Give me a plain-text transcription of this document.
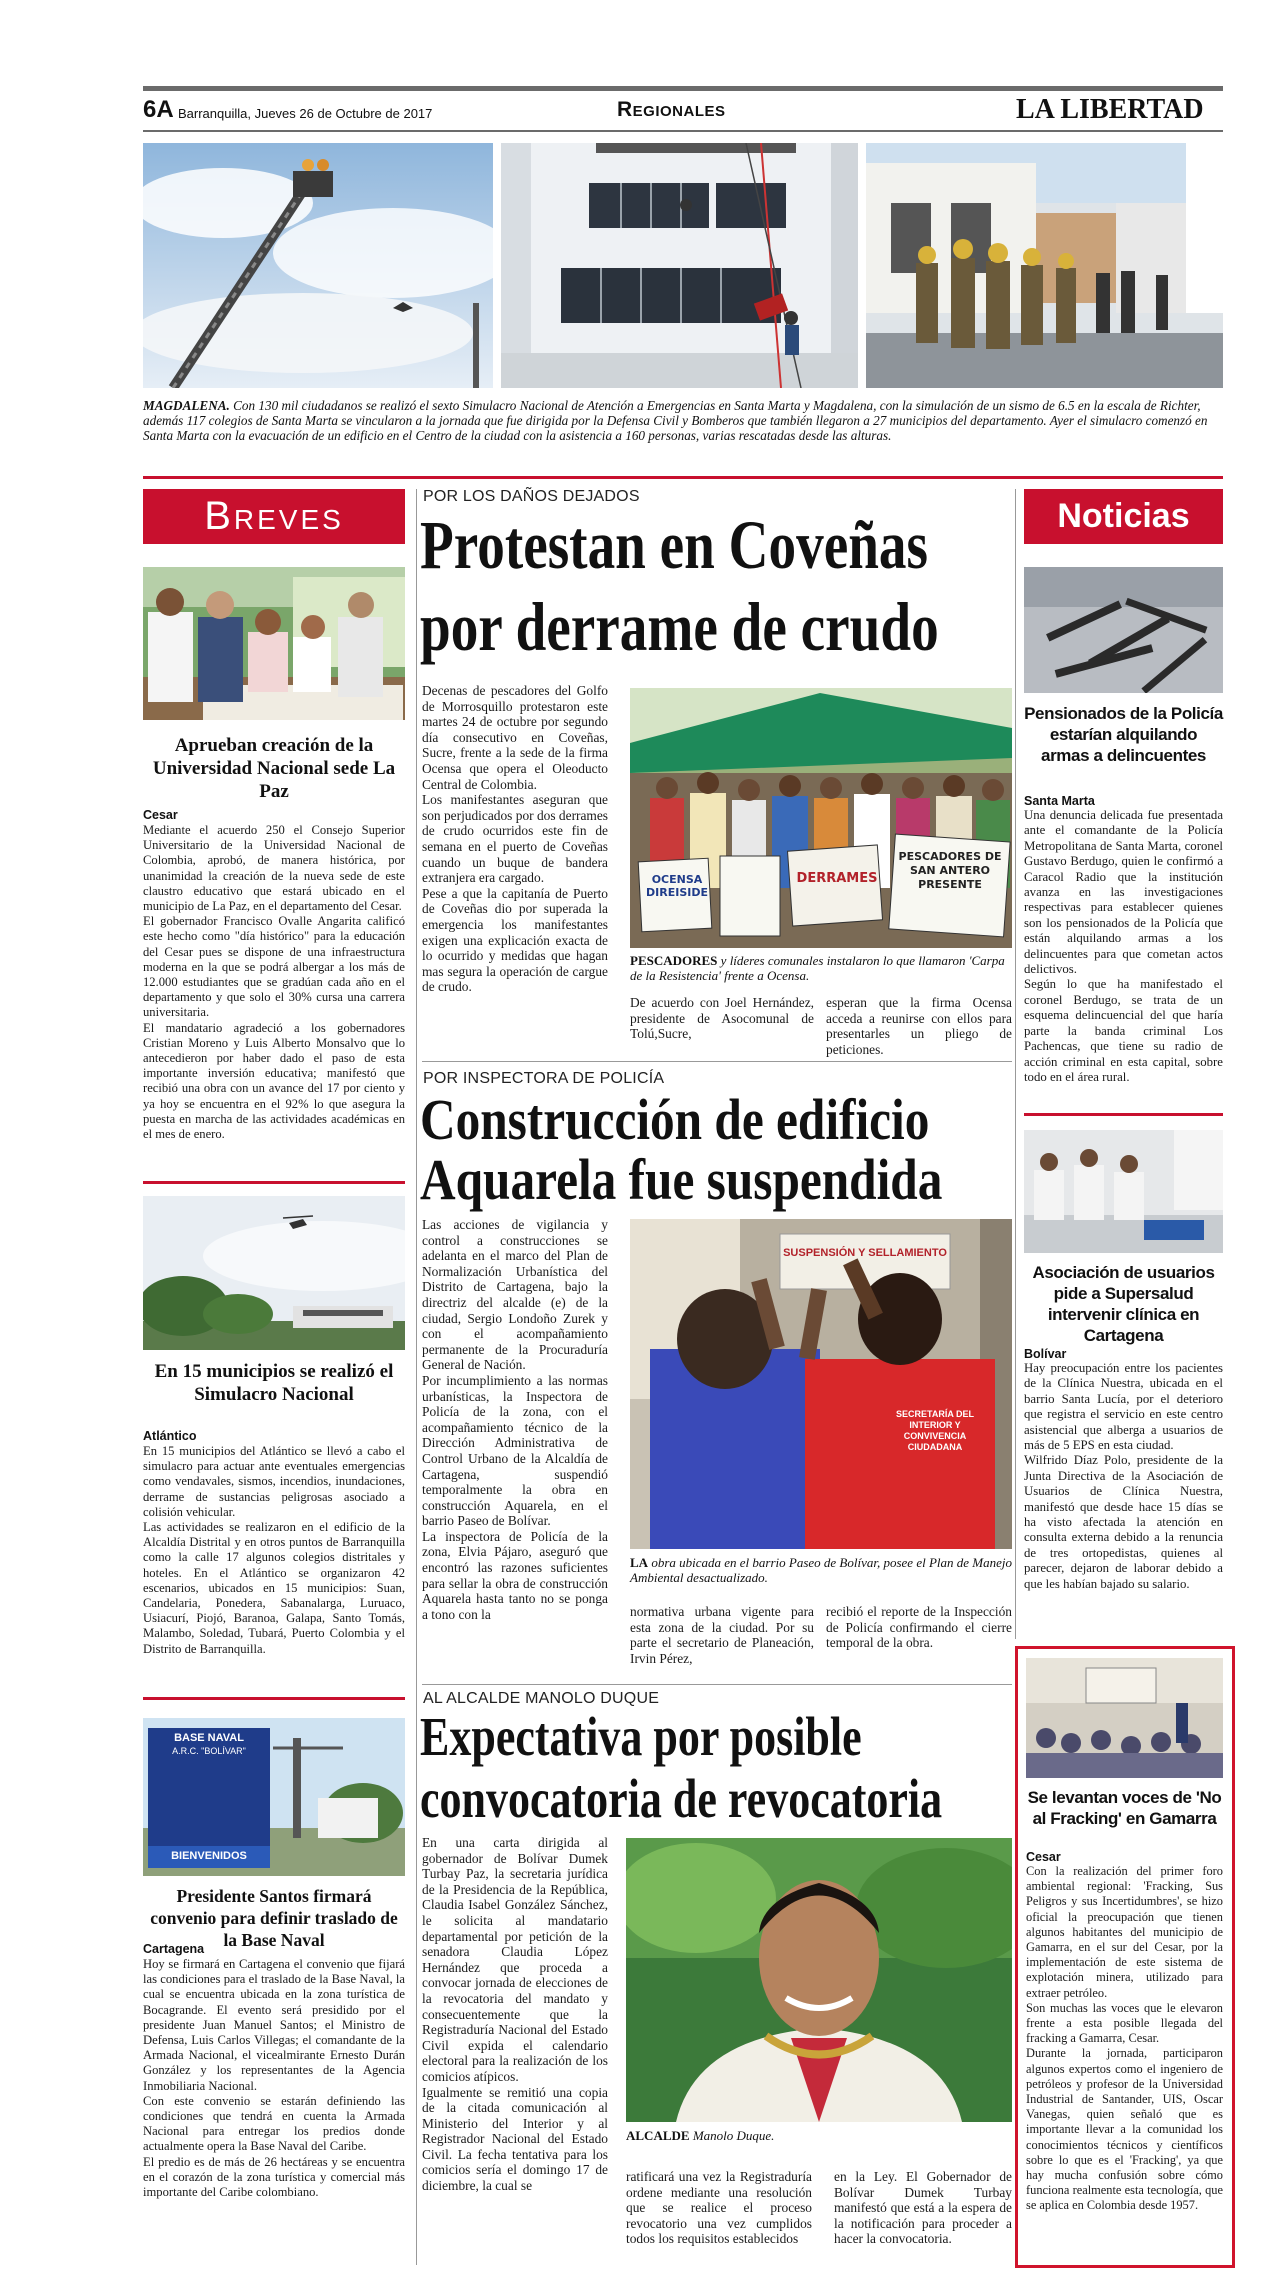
6A Barranquilla, Jueves 26 de Octubre de 2017	Regionales	LA LIBERTAD
MAGDALENA. Con 130 mil ciudadanos se realizó el sexto Simulacro Nacional de Atención a Emergencias en Santa Marta y Magdalena, con la simulación de un sismo de 6.5 en la escala de Richter, además 117 colegios de Santa Marta se vincularon a la jornada que fue dirigida por la Defensa Civil y Bomberos que también llegaron a 27 municipios del departamento. Ayer el simulacro comenzó en Santa Marta con la evacuación de un edificio en el Centro de la ciudad con la asistencia a 160 personas, varias rescatadas desde las alturas.
Breves
Aprueban creación de la Universidad Nacional sede La Paz
Cesar

Mediante el acuerdo 250 el Consejo Superior Universitario de la Universidad Nacional de Colombia, aprobó, de manera histórica, por unanimidad la creación de la nueva sede de este claustro educativo que estará ubicado en el municipio de La Paz, en el departamento del Cesar.

El gobernador Francisco Ovalle Angarita calificó este hecho como "día histórico" para la educación del Cesar pues se dispone de una infraestructura moderna en la que se podrá albergar a los más de 12.000 estudiantes que se gradúan cada año en el departamento y que solo el 30% cursa una carrera universitaria.

El mandatario agradeció a los gobernadores Cristian Moreno y Luis Alberto Monsalvo que lo antecedieron por haber dado el paso de esta importante inversión educativa; manifestó que recibió una obra con un avance del 17 por ciento y ya hoy se encuentra en el 92% lo que asegura la puesta en marcha de las actividades académicas en el mes de enero.

En 15 municipios se realizó el Simulacro Nacional
Atlántico

En 15 municipios del Atlántico se llevó a cabo el simulacro para actuar ante eventuales emergencias como vendavales, sismos, incendios, inundaciones, derrame de sustancias peligrosas asociado a colisión vehicular.

Las actividades se realizaron en el edificio de la Alcaldía Distrital y en otros puntos de Barranquilla como la calle 17 algunos colegios distritales y hoteles. En el Atlántico se organizaron 42 escenarios, ubicados en 15 municipios: Suan, Candelaria, Ponedera, Sabanalarga, Luruaco, Usiacurí, Piojó, Baranoa, Galapa, Santo Tomás, Malambo, Soledad, Tubará, Puerto Colombia y el Distrito de Barranquilla.

BASE NAVAL
A.R.C. "BOLÍVAR"
BIENVENIDOS
Presidente Santos firmará convenio para definir traslado de la Base Naval
Cartagena

Hoy se firmará en Cartagena el convenio que fijará las condiciones para el traslado de la Base Naval, la cual se encuentra ubicada en la zona turística de Bocagrande. El evento será presidido por el presidente Juan Manuel Santos; el Ministro de Defensa, Luis Carlos Villegas; el comandante de la Armada Nacional, el vicealmirante Ernesto Durán González y los representantes de la Agencia Inmobiliaria Nacional.

Con este convenio se estarán definiendo las condiciones que tendrá en cuenta la Armada Nacional para entregar los predios donde actualmente opera la Base Naval del Caribe.

El predio es de más de 26 hectáreas y se encuentra en el corazón de la zona turística y comercial más importante del Caribe colombiano.

POR LOS DAÑOS DEJADOS
Protestan en Coveñas
por derrame de crudo

Decenas de pescadores del Golfo de Morrosquillo protestaron este martes 24 de octubre por segundo día consecutivo en Coveñas, Sucre, frente a la sede de la firma Ocensa que opera el Oleoducto Central de Colombia.

Los manifestantes aseguran que son perjudicados por dos derrames de crudo ocurridos este fin de semana en el puerto de Coveñas cuando un buque de bandera extranjera era cargado.

Pese a que la capitanía de Puerto de Coveñas dio por superada la emergencia los manifestantes exigen una explicación exacta de lo ocurrido y medidas que hagan mas segura la operación de cargue de crudo.

OCENSA DIREISIDE
DERRAMES
PESCADORES DE SAN ANTERO PRESENTE
PESCADORES y líderes comunales instalaron lo que llamaron 'Carpa de la Resistencia' frente a Ocensa.
De acuerdo con Joel Hernández, presidente de Asocomunal de Tolú,Sucre,
esperan que la firma Ocensa acceda a reunirse con ellos para presentarles un pliego de peticiones.
POR INSPECTORA DE POLICÍA
Construcción de edificio
Aquarela fue suspendida

Las acciones de vigilancia y control a construcciones se adelanta en el marco del Plan de Normalización Urbanística del Distrito de Cartagena, bajo la directriz del alcalde (e) de la ciudad, Sergio Londoño Zurek y con el acompañamiento permanente de la Procuraduría General de Nación.

Por incumplimiento a las normas urbanísticas, la Inspectora de Policía de la zona, con el acompañamiento técnico de la Dirección Administrativa de Control Urbano de la Alcaldía de Cartagena, suspendió temporalmente la obra en construcción Aquarela, en el barrio Paseo de Bolívar.

La inspectora de Policía de la zona, Elvia Pájaro, aseguró que encontró las razones suficientes para sellar la obra de construcción Aquarela hasta tanto no se ponga a tono con la

SUSPENSIÓN Y SELLAMIENTO
SECRETARÍA DEL INTERIOR Y CONVIVENCIA CIUDADANA
LA obra ubicada en el barrio Paseo de Bolívar, posee el Plan de Manejo Ambiental desactualizado.
normativa urbana vigente para esta zona de la ciudad. Por su parte el secretario de Planeación, Irvin Pérez,
recibió el reporte de la Inspección de Policía confirmando el cierre temporal de la obra.
AL ALCALDE MANOLO DUQUE
Expectativa por posible
convocatoria de revocatoria

En una carta dirigida al gobernador de Bolívar Dumek Turbay Paz, la secretaria jurídica de la Presidencia de la República, Claudia Isabel González Sánchez, le solicita al mandatario departamental por petición de la senadora Claudia López Hernández que proceda a convocar jornada de elecciones de la revocatoria del mandato y consecuentemente que la Registraduría Nacional del Estado Civil expida el calendario electoral para la realización de los comicios atípicos.

Igualmente se remitió una copia de la citada comunicación al Ministerio del Interior y al Registrador Nacional del Estado Civil. La fecha tentativa para los comicios sería el domingo 17 de diciembre, la cual se

ALCALDE Manolo Duque.
ratificará una vez la Registraduría ordene mediante una resolución que se realice el proceso revocatorio una vez cumplidos todos los requisitos establecidos
en la Ley. El Gobernador de Bolívar Dumek Turbay manifestó que está a la espera de la notificación para proceder a hacer la convocatoria.
Noticias
Pensionados de la Policía estarían alquilando armas a delincuentes
Santa Marta

Una denuncia delicada fue presentada ante el comandante de la Policía Metropolitana de Santa Marta, coronel Gustavo Berdugo, quien le confirmó a Caracol Radio que la institución avanza en las investigaciones respectivas para establecer quienes son los pensionados de la Policía que están alquilando armas a los delincuentes para que cometan actos delictivos.

Según lo que ha manifestado el coronel Berdugo, se trata de un esquema delincuencial del que haría parte la banda criminal Los Pachencas, que tiene su radio de acción criminal en esta capital, sobre todo en el área rural.

Asociación de usuarios pide a Supersalud intervenir clínica en Cartagena
Bolívar

Hay preocupación entre los pacientes de la Clínica Nuestra, ubicada en el barrio Santa Lucía, por el deterioro que registra el servicio en este centro asistencial que alberga a usuarios de más de 5 EPS en esta ciudad.

Wilfrido Díaz Polo, presidente de la Junta Directiva de la Asociación de Usuarios de Clínica Nuestra, manifestó que desde hace 15 días se ha visto afectada la atención en consulta externa debido a la renuncia de tres ortopedistas, quienes al parecer, dejaron de laborar debido a que les habían bajado su salario.

Se levantan voces de 'No al Fracking' en Gamarra
Cesar

Con la realización del primer foro ambiental regional: 'Fracking, Sus Peligros y sus Incertidumbres', se hizo oficial la preocupación que tienen algunos habitantes del municipio de Gamarra, en el sur del Cesar, por la implementación de este sistema de explotación minera, utilizado para extraer petróleo.

Son muchas las voces que le elevaron frente a esta posible llegada del fracking a Gamarra, Cesar.

Durante la jornada, participaron algunos expertos como el ingeniero de petróleos y profesor de la Universidad Industrial de Santander, UIS, Oscar Vanegas, quien señaló que es importante llevar a la comunidad los conocimientos técnicos y científicos sobre lo que es el 'Fracking', ya que hay mucha confusión sobre cómo funciona realmente esta tecnología, que se aplica en Colombia desde 1957.
